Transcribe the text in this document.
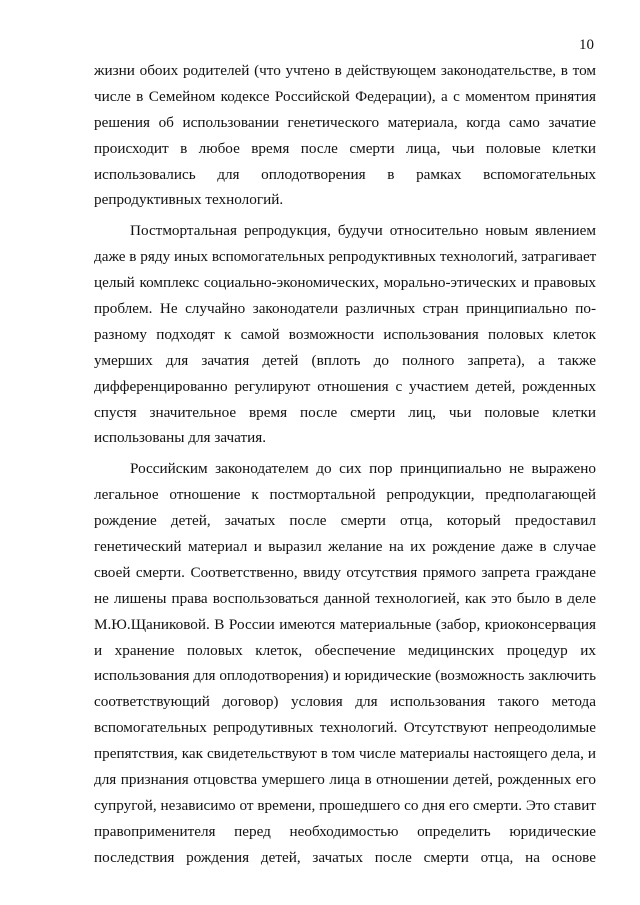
10
жизни обоих родителей (что учтено в действующем законодательстве, в том
числе в Семейном кодексе Российской Федерации), а с моментом принятия
решения об использовании генетического материала, когда само зачатие
происходит в любое время после смерти лица, чьи половые клетки
использовались для оплодотворения в рамках вспомогательных
репродуктивных технологий.
Постмортальная репродукция, будучи относительно новым явлением
даже в ряду иных вспомогательных репродуктивных технологий, затрагивает
целый комплекс социально-экономических, морально-этических и правовых
проблем. Не случайно законодатели различных стран принципиально по-
разному подходят к самой возможности использования половых клеток
умерших для зачатия детей (вплоть до полного запрета), а также
дифференцированно регулируют отношения с участием детей, рожденных
спустя значительное время после смерти лиц, чьи половые клетки
использованы для зачатия.
Российским законодателем до сих пор принципиально не выражено
легальное отношение к постмортальной репродукции, предполагающей
рождение детей, зачатых после смерти отца, который предоставил
генетический материал и выразил желание на их рождение даже в случае
своей смерти. Соответственно, ввиду отсутствия прямого запрета граждане
не лишены права воспользоваться данной технологией, как это было в деле
М.Ю.Щаниковой. В России имеются материальные (забор, криоконсервация
и хранение половых клеток, обеспечение медицинских процедур их
использования для оплодотворения) и юридические (возможность заключить
соответствующий договор) условия для использования такого метода
вспомогательных репродутивных технологий. Отсутствуют непреодолимые
препятствия, как свидетельствуют в том числе материалы настоящего дела, и
для признания отцовства умершего лица в отношении детей, рожденных его
супругой, независимо от времени, прошедшего со дня его смерти. Это ставит
правоприменителя перед необходимостью определить юридические
последствия рождения детей, зачатых после смерти отца, на основе
